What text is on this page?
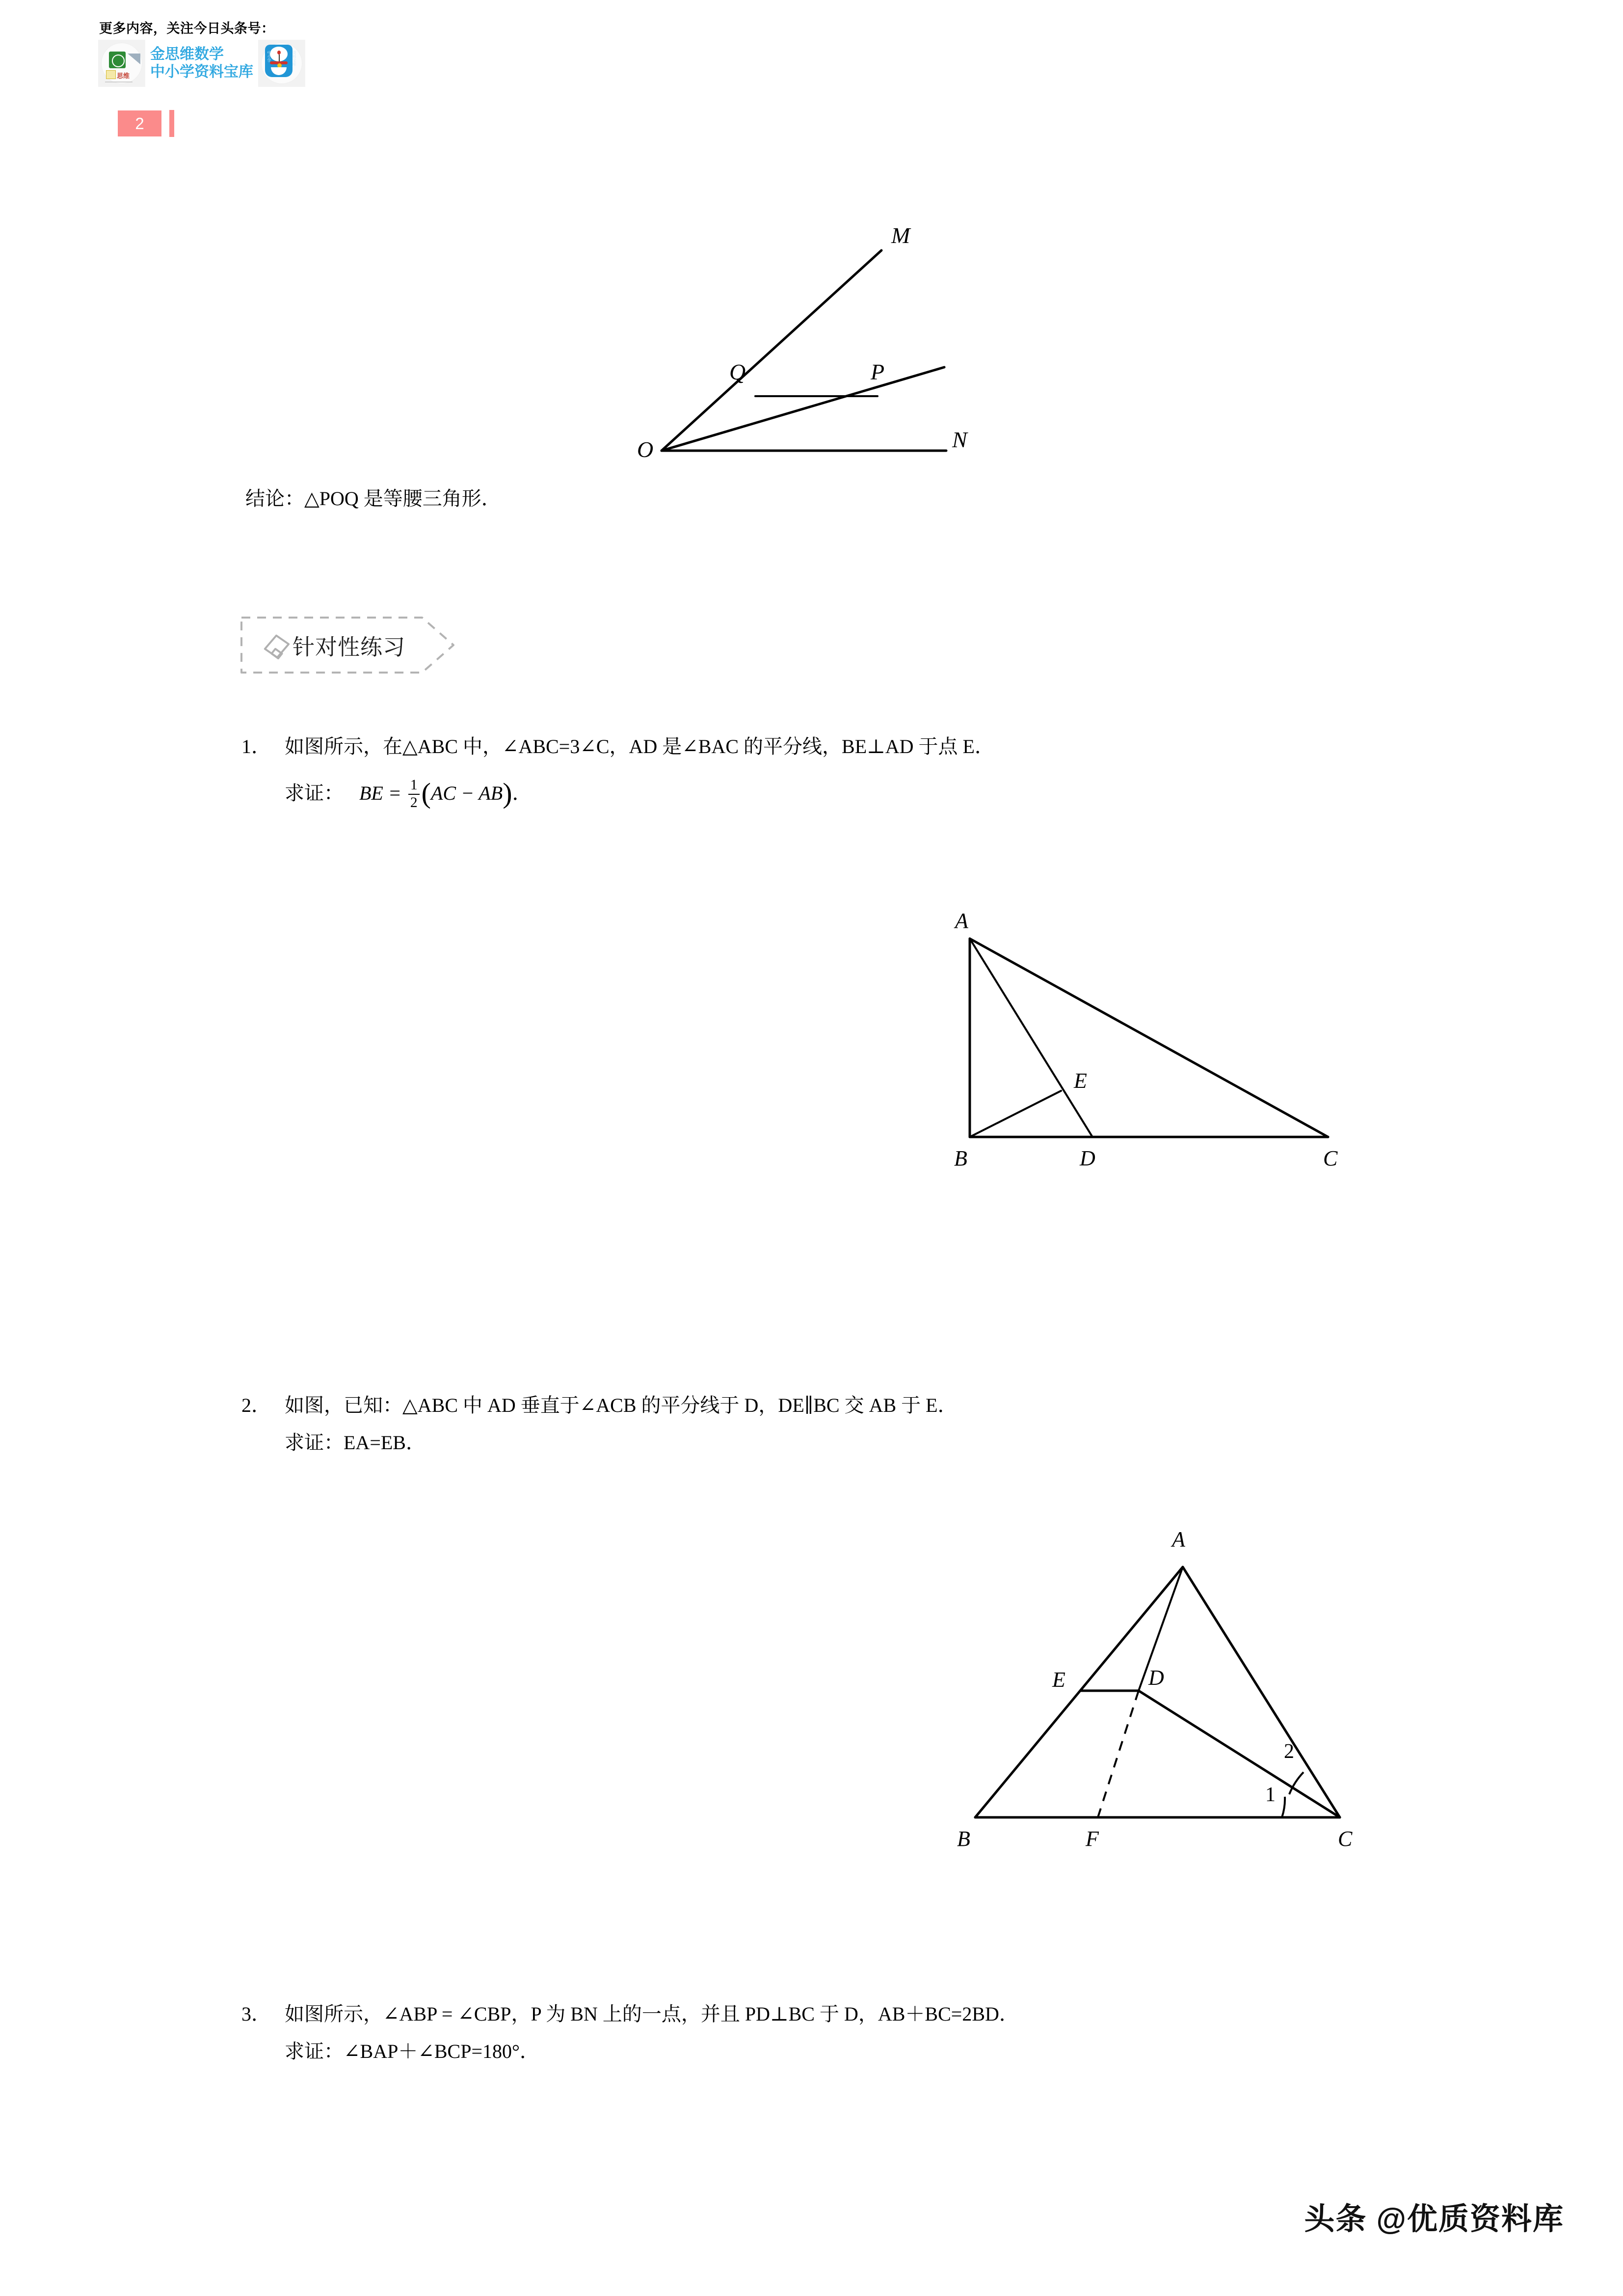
更多内容，关注今日头条号：
思维
金思维数学
中小学资料宝库
中小学	资料宝库
2
M
N
O
P
Q
结论：△POQ 是等腰三角形．
针对性练习
1． 如图所示，在△ABC 中，∠ABC=3∠C，AD 是∠BAC 的平分线，BE⊥AD 于点 E．
求证： BE = $\frac{1}{2} (AC - AB)$．
A
B	D	C
E
2． 如图，已知：△ABC 中 AD 垂直于∠ACB 的平分线于 D，DE∥BC 交 AB 于 E．
求证：EA=EB．
A
B	F	C
E	D
1
2
3． 如图所示，∠ABP = ∠CBP，P 为 BN 上的一点，并且 PD⊥BC 于 D，AB＋BC=2BD．
求证：∠BAP＋∠BCP=180°．
头条 @优质资料库
